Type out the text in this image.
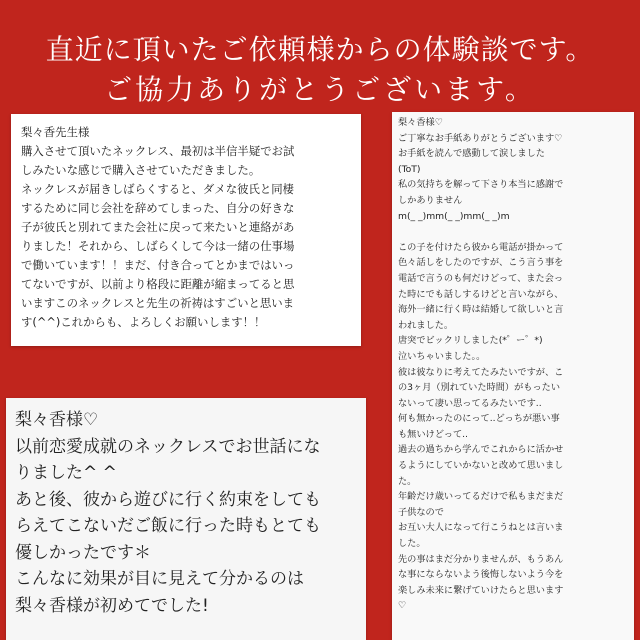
直近に頂いたご依頼様からの体験談です。
ご協力ありがとうございます。

梨々香先生様

購入させて頂いたネックレス、最初は半信半疑でお試

しみたいな感じで購入させていただきました。

ネックレスが届きしばらくすると、ダメな彼氏と同棲

するために同じ会社を辞めてしまった、自分の好きな

子が彼氏と別れてまた会社に戻って来たいと連絡があ

りました！それから、しばらくして今は一緒の仕事場

で働いています！！まだ、付き合ってとかまではいっ

てないですが、以前より格段に距離が縮まってると思

いますこのネックレスと先生の祈祷はすごいと思いま

す(^^)これからも、よろしくお願いします！！

梨々香様♡

以前恋愛成就のネックレスでお世話にな

りました^ ^

あと後、彼から遊びに行く約束をしても

らえてこないだご飯に行った時もとても

優しかったです＊

こんなに効果が目に見えて分かるのは

梨々香様が初めてでした!

梨々香様♡

ご丁寧なお手紙ありがとうございます♡

お手紙を読んで感動して涙しました

(ToT)

私の気持ちを解って下さり本当に感謝で

しかありません

m(_ _)mm(_ _)mm(_ _)m

この子を付けたら彼から電話が掛かって

色々話しをしたのですが、こう言う事を

電話で言うのも何だけどって、また会っ

た時にでも話しするけどと言いながら、

海外一緒に行く時は結婚して欲しいと言

われました。

唐突でビックリしました(*゜ー゜*)

泣いちゃいました。。

彼は彼なりに考えてたみたいですが、こ

の3ヶ月（別れていた時間）がもったい

ないって凄い思ってるみたいです..

何も無かったのにって..どっちが悪い事

も無いけどって..

過去の過ちから学んでこれからに活かせ

るようにしていかないと改めて思いまし

た。

年齢だけ歳いってるだけで私もまだまだ

子供なので

お互い大人になって行こうねとは言いま

した。

先の事はまだ分かりませんが、もうあん

な事にならないよう後悔しないよう今を

楽しみ未来に繋げていけたらと思います

♡
